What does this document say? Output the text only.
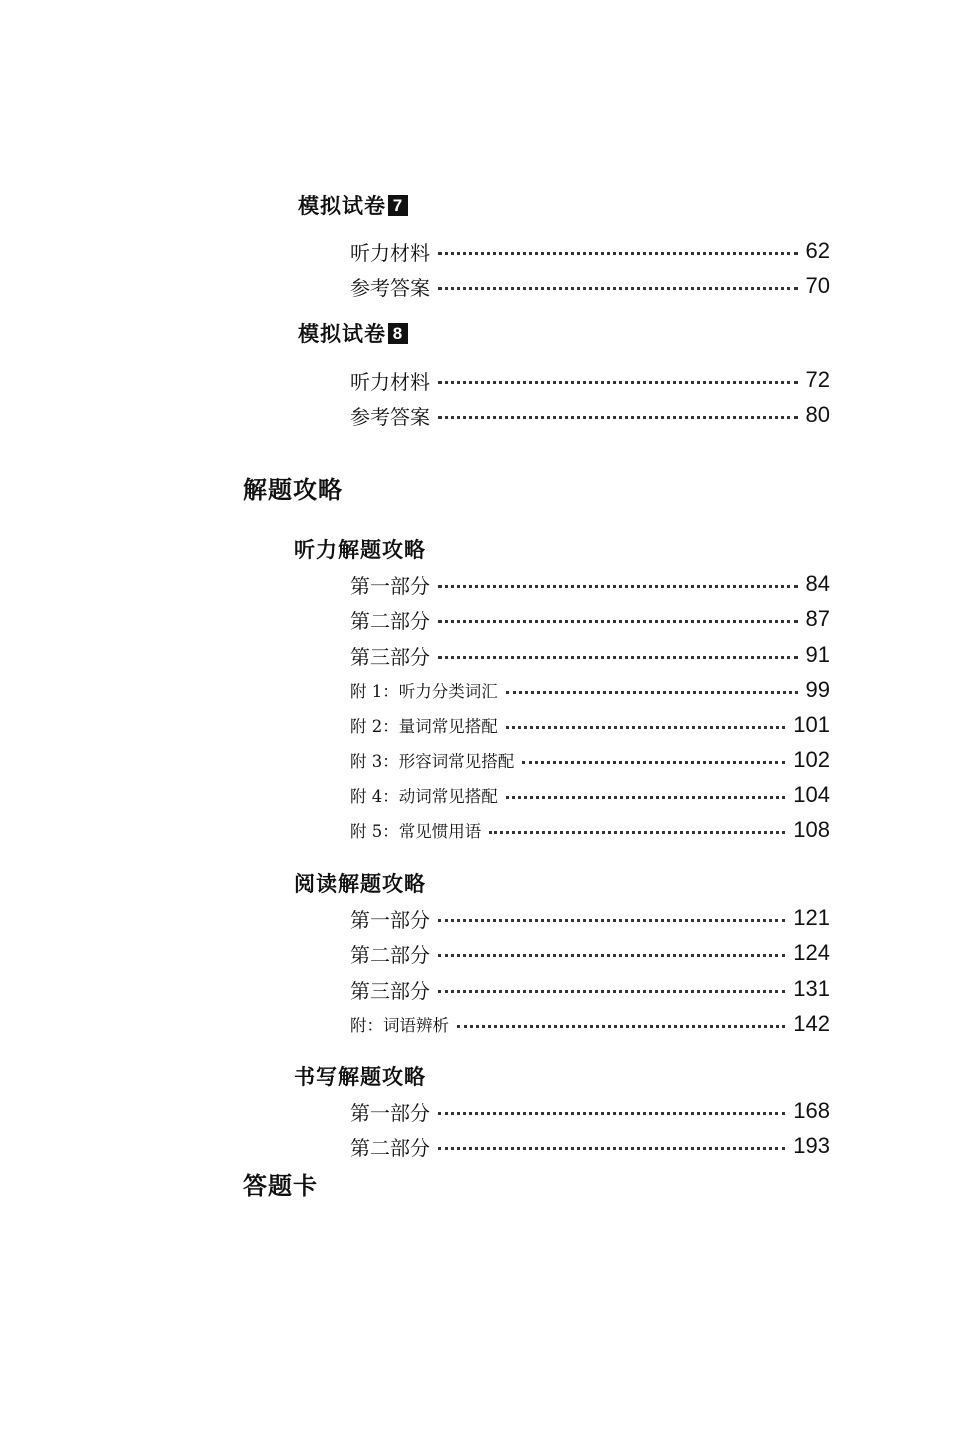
模拟试卷 7
听力材料	62
参考答案	70
模拟试卷 8
听力材料	72
参考答案	80
解题攻略
听力解题攻略
第一部分	84
第二部分	87
第三部分	91
附 1：听力分类词汇	99
附 2：量词常见搭配	101
附 3：形容词常见搭配	102
附 4：动词常见搭配	104
附 5：常见惯用语	108
阅读解题攻略
第一部分	121
第二部分	124
第三部分	131
附：词语辨析	142
书写解题攻略
第一部分	168
第二部分	193
答题卡
